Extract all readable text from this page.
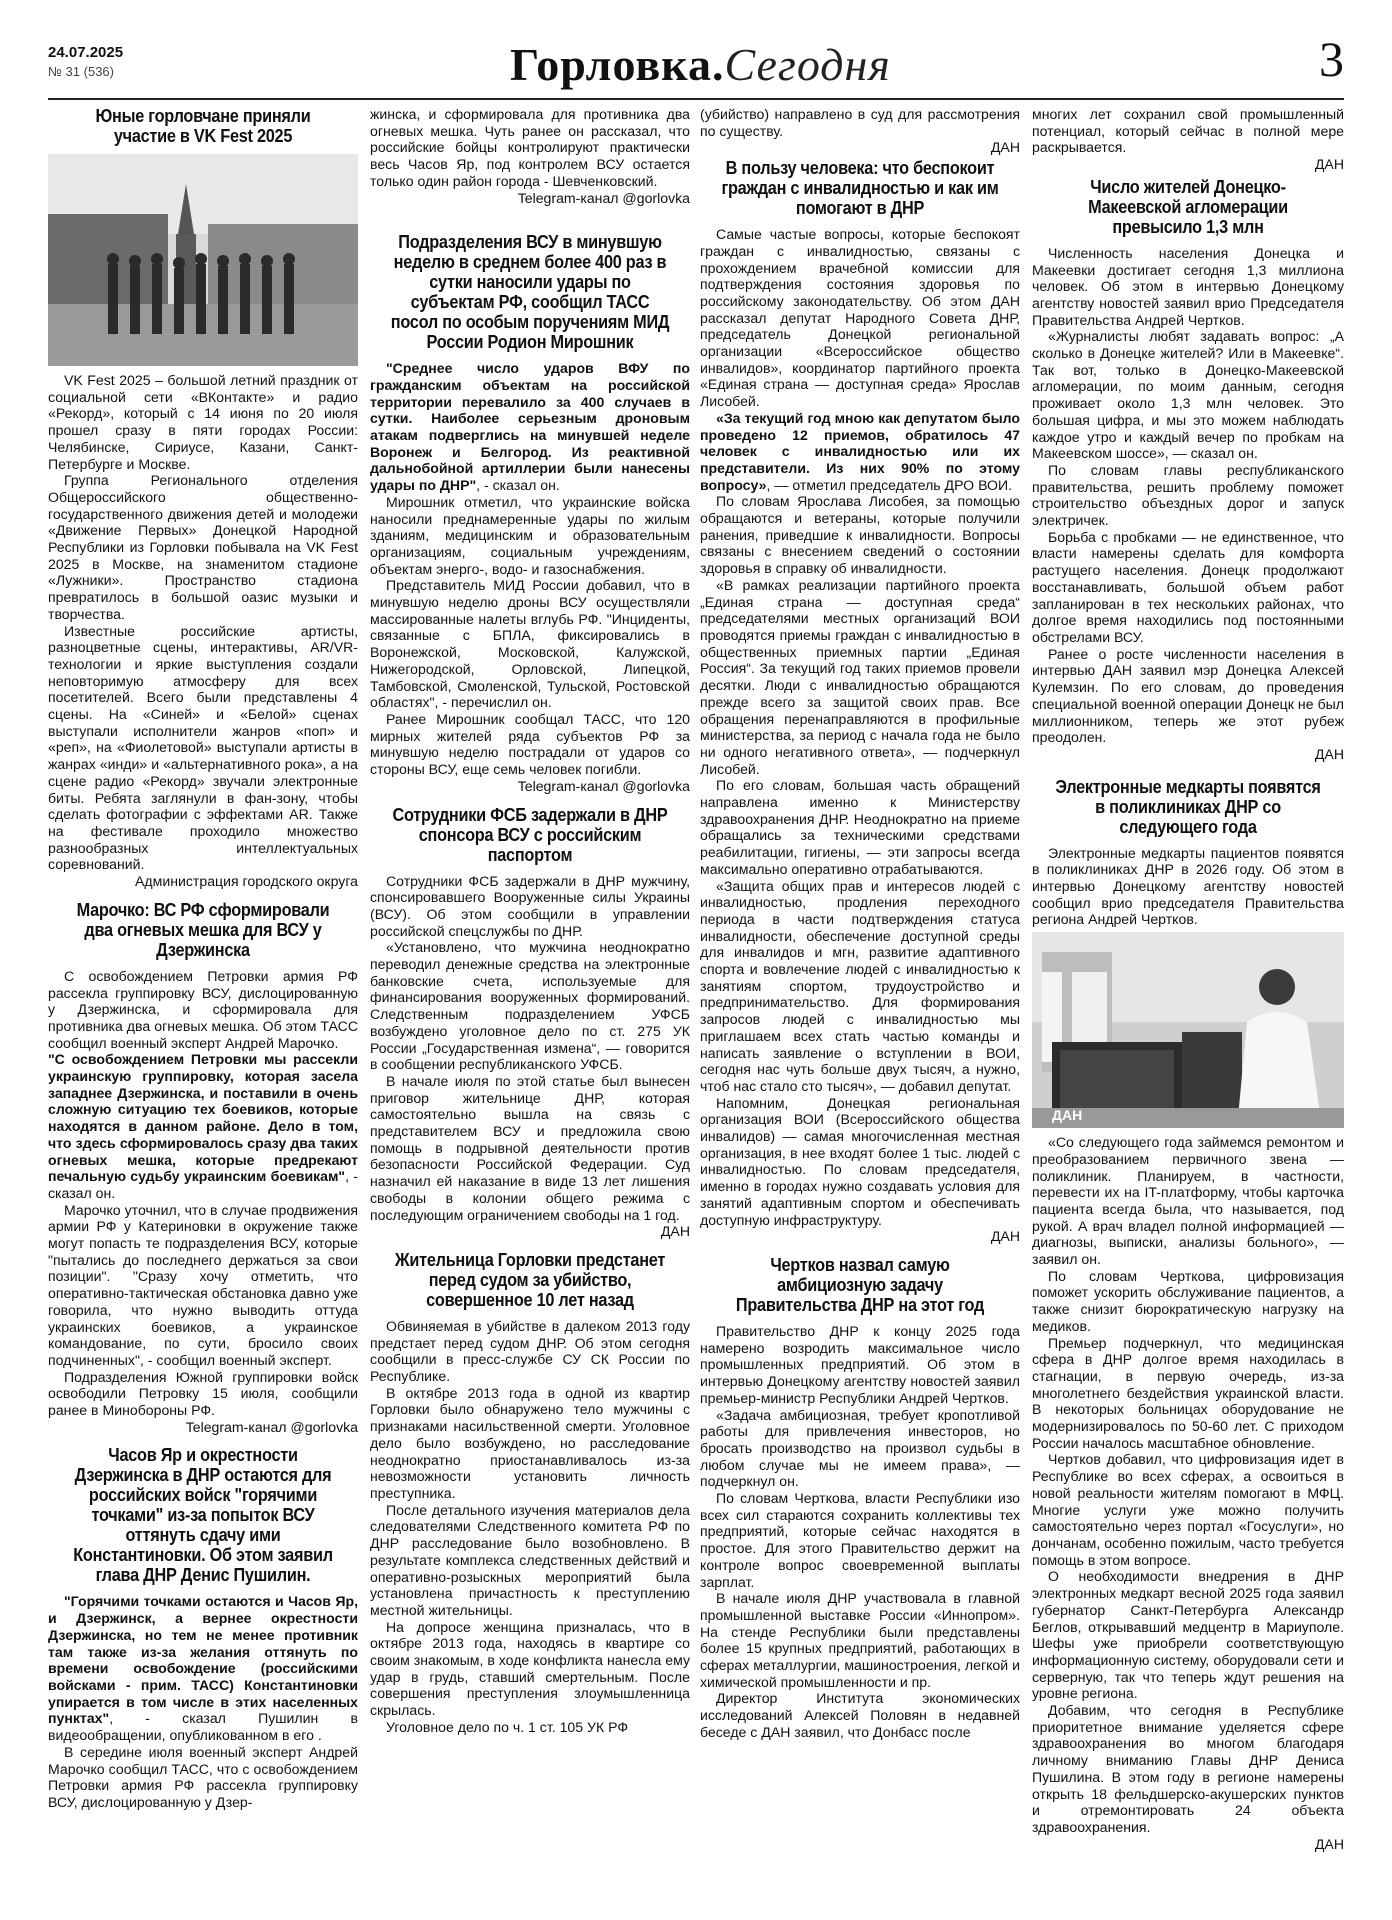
24.07.2025
№ 31 (536)	Горловка.Сегодня	3
Юные горловчане приняли участие в VK Fest 2025

VK Fest 2025 – большой летний праздник от социальной сети «ВКонтакте» и радио «Рекорд», который с 14 июня по 20 июля прошел сразу в пяти городах России: Челябинске, Сириусе, Казани, Санкт-Петербурге и Москве.

Группа Регионального отделения Общероссийского общественно-государственного движения детей и молодежи «Движение Первых» Донецкой Народной Республики из Горловки побывала на VK Fest 2025 в Москве, на знаменитом стадионе «Лужники». Пространство стадиона превратилось в большой оазис музыки и творчества.

Известные российские артисты, разноцветные сцены, интерактивы, AR/VR-технологии и яркие выступления создали неповторимую атмосферу для всех посетителей. Всего были представлены 4 сцены. На «Синей» и «Белой» сценах выступали исполнители жанров «поп» и «реп», на «Фиолетовой» выступали артисты в жанрах «инди» и «альтернативного рока», а на сцене радио «Рекорд» звучали электронные биты. Ребята заглянули в фан-зону, чтобы сделать фотографии с эффектами AR. Также на фестивале проходило множество разнообразных интеллектуальных соревнований.

Администрация городского округа

Марочко: ВС РФ сформировали два огневых мешка для ВСУ у Дзержинска

С освобождением Петровки армия РФ рассекла группировку ВСУ, дислоцированную у Дзержинска, и сформировала для противника два огневых мешка. Об этом ТАСС сообщил военный эксперт Андрей Марочко.

"С освобождением Петровки мы рассекли украинскую группировку, которая засела западнее Дзержинска, и поставили в очень сложную ситуацию тех боевиков, которые находятся в данном районе. Дело в том, что здесь сформировалось сразу два таких огневых мешка, которые предрекают печальную судьбу украинским боевикам", - сказал он.

Марочко уточнил, что в случае продвижения армии РФ у Катериновки в окружение также могут попасть те подразделения ВСУ, которые "пытались до последнего держаться за свои позиции". "Сразу хочу отметить, что оперативно-тактическая обстановка давно уже говорила, что нужно выводить оттуда украинских боевиков, а украинское командование, по сути, бросило своих подчиненных", - сообщил военный эксперт.

Подразделения Южной группировки войск освободили Петровку 15 июля, сообщили ранее в Минобороны РФ.

Telegram-канал @gorlovka

Часов Яр и окрестности Дзержинска в ДНР остаются для российских войск "горячими точками" из-за попыток ВСУ оттянуть сдачу ими Константиновки. Об этом заявил глава ДНР Денис Пушилин.

"Горячими точками остаются и Часов Яр, и Дзержинск, а вернее окрестности Дзержинска, но тем не менее противник там также из-за желания оттянуть по времени освобождение (российскими войсками - прим. ТАСС) Константиновки упирается в том числе в этих населенных пунктах", - сказал Пушилин в видеообращении, опубликованном в его .

В середине июля военный эксперт Андрей Марочко сообщил ТАСС, что с освобождением Петровки армия РФ рассекла группировку ВСУ, дислоцированную у Дзер-

жинска, и сформировала для противника два огневых мешка. Чуть ранее он рассказал, что российские бойцы контролируют практически весь Часов Яр, под контролем ВСУ остается только один район города - Шевченковский.

Telegram-канал @gorlovka

Подразделения ВСУ в минувшую неделю в среднем более 400 раз в сутки наносили удары по субъектам РФ, сообщил ТАСС посол по особым поручениям МИД России Родион Мирошник

"Среднее число ударов ВФУ по гражданским объектам на российской территории перевалило за 400 случаев в сутки. Наиболее серьезным дроновым атакам подверглись на минувшей неделе Воронеж и Белгород. Из реактивной дальнобойной артиллерии были нанесены удары по ДНР", - сказал он.

Мирошник отметил, что украинские войска наносили преднамеренные удары по жилым зданиям, медицинским и образовательным организациям, социальным учреждениям, объектам энерго-, водо- и газоснабжения.

Представитель МИД России добавил, что в минувшую неделю дроны ВСУ осуществляли массированные налеты вглубь РФ. "Инциденты, связанные с БПЛА, фиксировались в Воронежской, Московской, Калужской, Нижегородской, Орловской, Липецкой, Тамбовской, Смоленской, Тульской, Ростовской областях", - перечислил он.

Ранее Мирошник сообщал ТАСС, что 120 мирных жителей ряда субъектов РФ за минувшую неделю пострадали от ударов со стороны ВСУ, еще семь человек погибли.

Telegram-канал @gorlovka

Сотрудники ФСБ задержали в ДНР спонсора ВСУ с российским паспортом

Сотрудники ФСБ задержали в ДНР мужчину, спонсировавшего Вооруженные силы Украины (ВСУ). Об этом сообщили в управлении российской спецслужбы по ДНР.

«Установлено, что мужчина неоднократно переводил денежные средства на электронные банковские счета, используемые для финансирования вооруженных формирований. Следственным подразделением УФСБ возбуждено уголовное дело по ст. 275 УК России „Государственная измена“, — говорится в сообщении республиканского УФСБ.

В начале июля по этой статье был вынесен приговор жительнице ДНР, которая самостоятельно вышла на связь с представителем ВСУ и предложила свою помощь в подрывной деятельности против безопасности Российской Федерации. Суд назначил ей наказание в виде 13 лет лишения свободы в колонии общего режима с последующим ограничением свободы на 1 год.

ДАН

Жительница Горловки предстанет перед судом за убийство, совершенное 10 лет назад

Обвиняемая в убийстве в далеком 2013 году предстает перед судом ДНР. Об этом сегодня сообщили в пресс-службе СУ СК России по Республике.

В октябре 2013 года в одной из квартир Горловки было обнаружено тело мужчины с признаками насильственной смерти. Уголовное дело было возбуждено, но расследование неоднократно приостанавливалось из-за невозможности установить личность преступника.

После детального изучения материалов дела следователями Следственного комитета РФ по ДНР расследование было возобновлено. В результате комплекса следственных действий и оперативно-розыскных мероприятий была установлена причастность к преступлению местной жительницы.

На допросе женщина призналась, что в октябре 2013 года, находясь в квартире со своим знакомым, в ходе конфликта нанесла ему удар в грудь, ставший смертельным. После совершения преступления злоумышленница скрылась.

Уголовное дело по ч. 1 ст. 105 УК РФ

(убийство) направлено в суд для рассмотрения по существу.

ДАН

В пользу человека: что беспокоит граждан с инвалидностью и как им помогают в ДНР

Самые частые вопросы, которые беспокоят граждан с инвалидностью, связаны с прохождением врачебной комиссии для подтверждения состояния здоровья по российскому законодательству. Об этом ДАН рассказал депутат Народного Совета ДНР, председатель Донецкой региональной организации «Всероссийское общество инвалидов», координатор партийного проекта «Единая страна — доступная среда» Ярослав Лисобей.

«За текущий год мною как депутатом было проведено 12 приемов, обратилось 47 человек с инвалидностью или их представители. Из них 90% по этому вопросу», — отметил председатель ДРО ВОИ.

По словам Ярослава Лисобея, за помощью обращаются и ветераны, которые получили ранения, приведшие к инвалидности. Вопросы связаны с внесением сведений о состоянии здоровья в справку об инвалидности.

«В рамках реализации партийного проекта „Единая страна — доступная среда“ председателями местных организаций ВОИ проводятся приемы граждан с инвалидностью в общественных приемных партии „Единая Россия“. За текущий год таких приемов провели десятки. Люди с инвалидностью обращаются прежде всего за защитой своих прав. Все обращения перенаправляются в профильные министерства, за период с начала года не было ни одного негативного ответа», — подчеркнул Лисобей.

По его словам, большая часть обращений направлена именно к Министерству здравоохранения ДНР. Неоднократно на приеме обращались за техническими средствами реабилитации, гигиены, — эти запросы всегда максимально оперативно отрабатываются.

«Защита общих прав и интересов людей с инвалидностью, продления переходного периода в части подтверждения статуса инвалидности, обеспечение доступной среды для инвалидов и мгн, развитие адаптивного спорта и вовлечение людей с инвалидностью к занятиям спортом, трудоустройство и предпринимательство. Для формирования запросов людей с инвалидностью мы приглашаем всех стать частью команды и написать заявление о вступлении в ВОИ, сегодня нас чуть больше двух тысяч, а нужно, чтоб нас стало сто тысяч», — добавил депутат.

Напомним, Донецкая региональная организация ВОИ (Всероссийского общества инвалидов) — самая многочисленная местная организация, в нее входят более 1 тыс. людей с инвалидностью. По словам председателя, именно в городах нужно создавать условия для занятий адаптивным спортом и обеспечивать доступную инфраструктуру.

ДАН

Чертков назвал самую амбициозную задачу Правительства ДНР на этот год

Правительство ДНР к концу 2025 года намерено возродить максимальное число промышленных предприятий. Об этом в интервью Донецкому агентству новостей заявил премьер-министр Республики Андрей Чертков.

«Задача амбициозная, требует кропотливой работы для привлечения инвесторов, но бросать производство на произвол судьбы в любом случае мы не имеем права», — подчеркнул он.

По словам Черткова, власти Республики изо всех сил стараются сохранить коллективы тех предприятий, которые сейчас находятся в простое. Для этого Правительство держит на контроле вопрос своевременной выплаты зарплат.

В начале июля ДНР участвовала в главной промышленной выставке России «Иннопром». На стенде Республики были представлены более 15 крупных предприятий, работающих в сферах металлургии, машиностроения, легкой и химической промышленности и пр.

Директор Института экономических исследований Алексей Половян в недавней беседе с ДАН заявил, что Донбасс после

многих лет сохранил свой промышленный потенциал, который сейчас в полной мере раскрывается.

ДАН

Число жителей Донецко-Макеевской агломерации превысило 1,3 млн

Численность населения Донецка и Макеевки достигает сегодня 1,3 миллиона человек. Об этом в интервью Донецкому агентству новостей заявил врио Председателя Правительства Андрей Чертков.

«Журналисты любят задавать вопрос: „А сколько в Донецке жителей? Или в Макеевке“. Так вот, только в Донецко-Макеевской агломерации, по моим данным, сегодня проживает около 1,3 млн человек. Это большая цифра, и мы это можем наблюдать каждое утро и каждый вечер по пробкам на Макеевском шоссе», — сказал он.

По словам главы республиканского правительства, решить проблему поможет строительство объездных дорог и запуск электричек.

Борьба с пробками — не единственное, что власти намерены сделать для комфорта растущего населения. Донецк продолжают восстанавливать, большой объем работ запланирован в тех нескольких районах, что долгое время находились под постоянными обстрелами ВСУ.

Ранее о росте численности населения в интервью ДАН заявил мэр Донецка Алексей Кулемзин. По его словам, до проведения специальной военной операции Донецк не был миллионником, теперь же этот рубеж преодолен.

ДАН

Электронные медкарты появятся в поликлиниках ДНР со следующего года

Электронные медкарты пациентов появятся в поликлиниках ДНР в 2026 году. Об этом в интервью Донецкому агентству новостей сообщил врио председателя Правительства региона Андрей Чертков.

ДАН

«Со следующего года займемся ремонтом и преобразованием первичного звена — поликлиник. Планируем, в частности, перевести их на IT-платформу, чтобы карточка пациента всегда была, что называется, под рукой. А врач владел полной информацией — диагнозы, выписки, анализы больного», — заявил он.

По словам Черткова, цифровизация поможет ускорить обслуживание пациентов, а также снизит бюрократическую нагрузку на медиков.

Премьер подчеркнул, что медицинская сфера в ДНР долгое время находилась в стагнации, в первую очередь, из-за многолетнего бездействия украинской власти. В некоторых больницах оборудование не модернизировалось по 50-60 лет. С приходом России началось масштабное обновление.

Чертков добавил, что цифровизация идет в Республике во всех сферах, а освоиться в новой реальности жителям помогают в МФЦ. Многие услуги уже можно получить самостоятельно через портал «Госуслуги», но дончанам, особенно пожилым, часто требуется помощь в этом вопросе.

О необходимости внедрения в ДНР электронных медкарт весной 2025 года заявил губернатор Санкт-Петербурга Александр Беглов, открывавший медцентр в Мариуполе. Шефы уже приобрели соответствующую информационную систему, оборудовали сети и серверную, так что теперь ждут решения на уровне региона.

Добавим, что сегодня в Республике приоритетное внимание уделяется сфере здравоохранения во многом благодаря личному вниманию Главы ДНР Дениса Пушилина. В этом году в регионе намерены открыть 18 фельдшерско-акушерских пунктов и отремонтировать 24 объекта здравоохранения.

ДАН
